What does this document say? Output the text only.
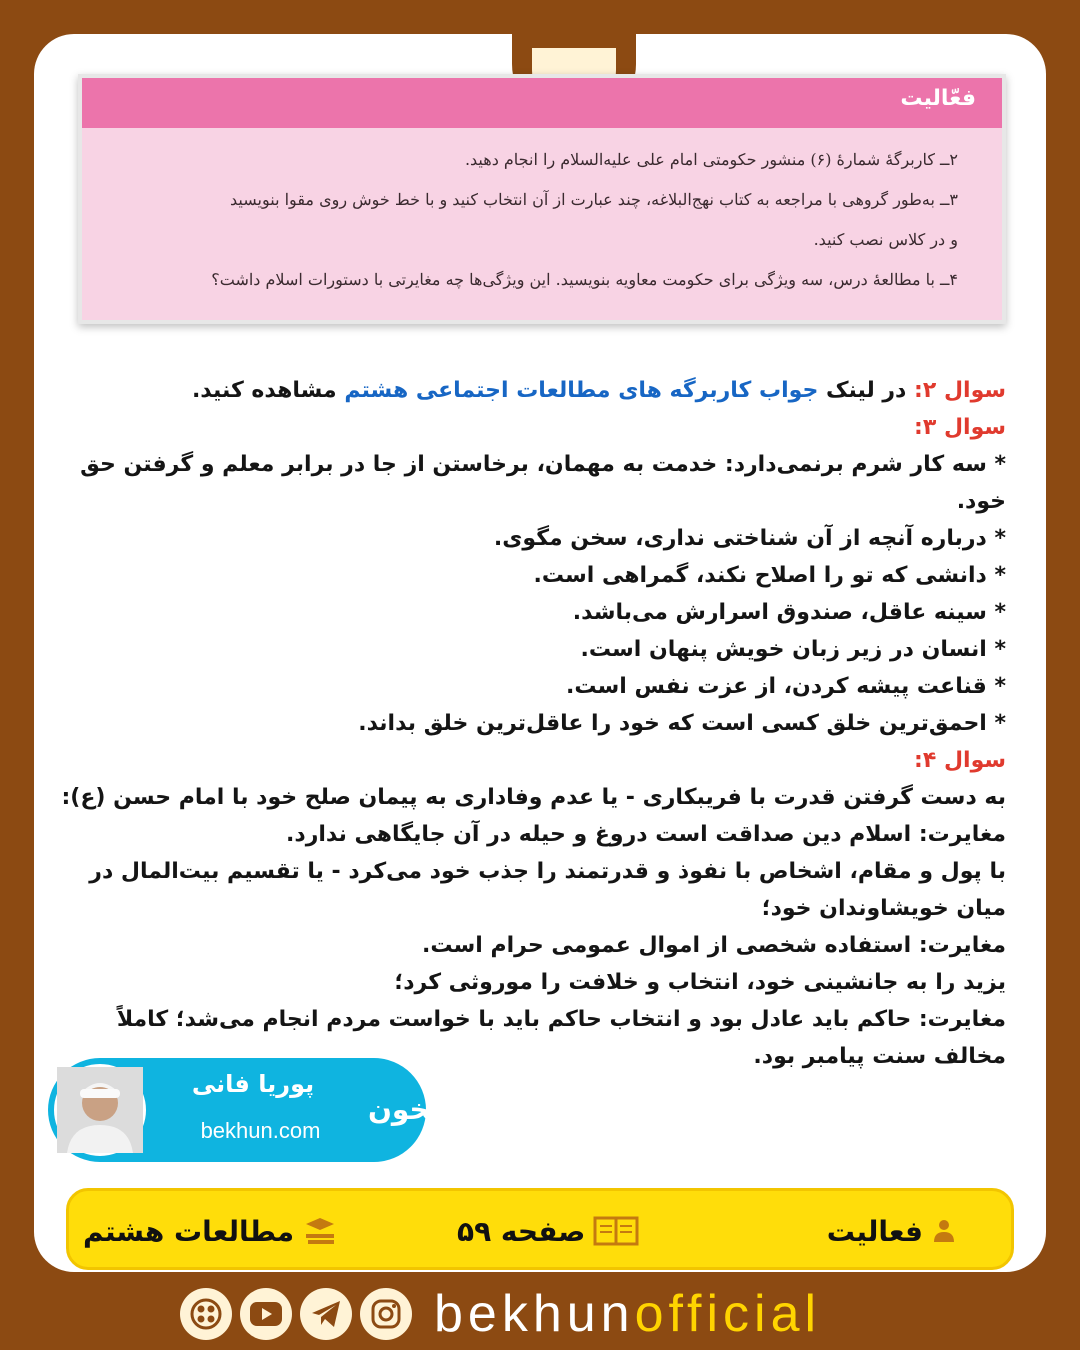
فعّالیت

۲ــ کاربرگهٔ شمارهٔ (۶) منشور حکومتی امام علی علیه‌السلام را انجام دهید.

۳ــ به‌طور گروهی با مراجعه به کتاب نهج‌البلاغه، چند عبارت از آن انتخاب کنید و با خط خوش روی مقوا بنویسید

و در کلاس نصب کنید.

۴ــ با مطالعهٔ درس، سه ویژگی برای حکومت معاویه بنویسید. این ویژگی‌ها چه مغایرتی با دستورات اسلام داشت؟

سوال ۲: در لینک جواب کاربرگه های مطالعات اجتماعی هشتم مشاهده کنید.

سوال ۳:

* سه کار شرم برنمی‌دارد: خدمت به مهمان، برخاستن از جا در برابر معلم و گرفتن حق خود.

* درباره آنچه از آن شناختی نداری، سخن مگوی.

* دانشی که تو را اصلاح نکند، گمراهی است.

* سینه عاقل، صندوق اسرارش می‌باشد.

* انسان در زیر زبان خویش پنهان است.

* قناعت پیشه کردن، از عزت نفس است.

* احمق‌ترین خلق کسی است که خود را عاقل‌ترین خلق بداند.

سوال ۴:

به دست گرفتن قدرت با فریبکاری - یا عدم وفاداری به پیمان صلح خود با امام حسن (ع):

مغایرت: اسلام دین صداقت است دروغ و حیله در آن جایگاهی ندارد.

با پول و مقام، اشخاص با نفوذ و قدرتمند را جذب خود می‌کرد - یا تقسیم بیت‌المال در میان خویشاوندان خود؛

مغایرت: استفاده شخصی از اموال عمومی حرام است.

یزید را به جانشینی خود، انتخاب و خلافت را موروثی کرد؛

مغایرت: حاکم باید عادل بود و انتخاب حاکم باید با خواست مردم انجام می‌شد؛ کاملاً مخالف سنت پیامبر بود.

پوریا فانی
bekhun.com
بخون
فعالیت
صفحه ۵۹
مطالعات هشتم
bekhunofficial
